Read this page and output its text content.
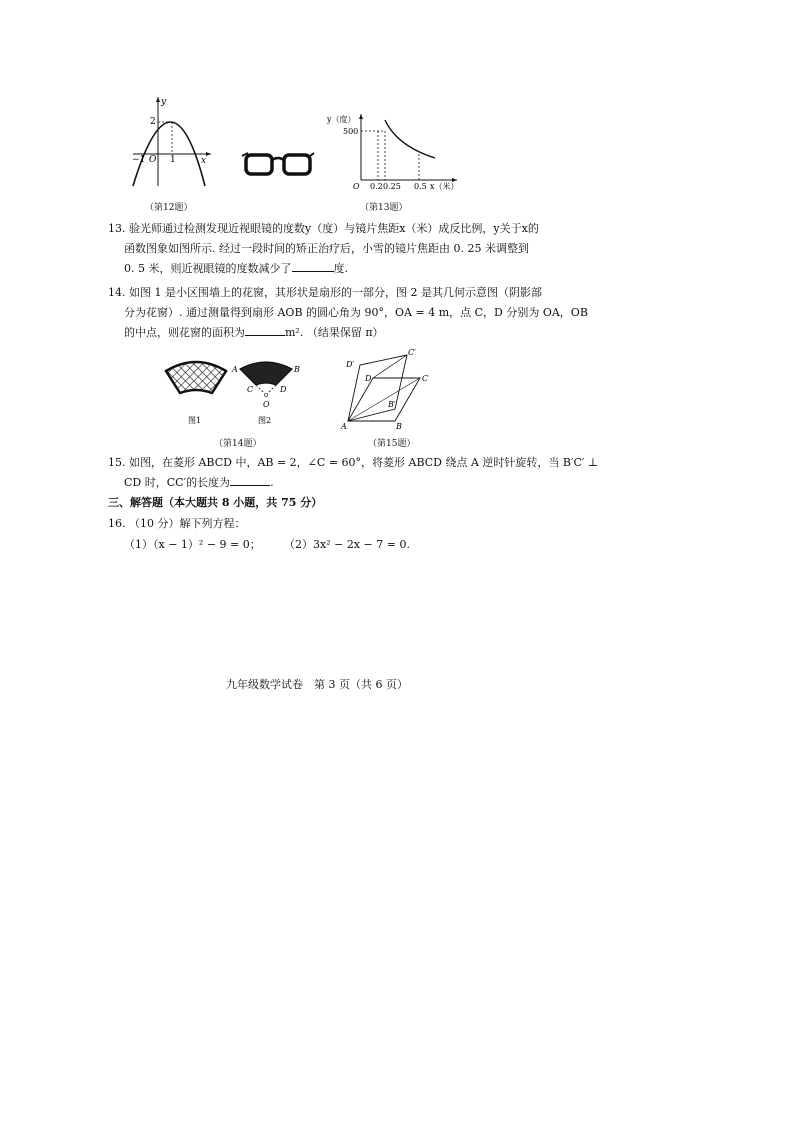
y
x
2
−1 O 1
（第12题）
y（度）
x（米）
500
O 0.2 0.25 0.5
（第13题）
13. 验光师通过检测发现近视眼镜的度数y（度）与镜片焦距x（米）成反比例，y关于x的
函数图象如图所示. 经过一段时间的矫正治疗后，小雪的镜片焦距由 0. 25 米调整到
0. 5 米，则近视眼镜的度数减少了	度.
14. 如图 1 是小区围墙上的花窗，其形状是扇形的一部分，图 2 是其几何示意图（阴影部
分为花窗）. 通过测量得到扇形 AOB 的圆心角为 90°，OA = 4 m，点 C，D 分别为 OA，OB
的中点，则花窗的面积为	m². （结果保留 π）
A	B
C	D
O
图1	图2
（第14题）
A	B
C
D
B′
C′
D′
（第15题）
15. 如图，在菱形 ABCD 中，AB = 2，∠C = 60°，将菱形 ABCD 绕点 A 逆时针旋转，当 B′C′ ⊥
CD 时，CC′的长度为	.
三、解答题（本大题共 8 小题，共 75 分）
16. （10 分）解下列方程：
（1）（x − 1）² − 9 = 0； （2）3x² − 2x − 7 = 0.
九年级数学试卷　第 3 页（共 6 页）
